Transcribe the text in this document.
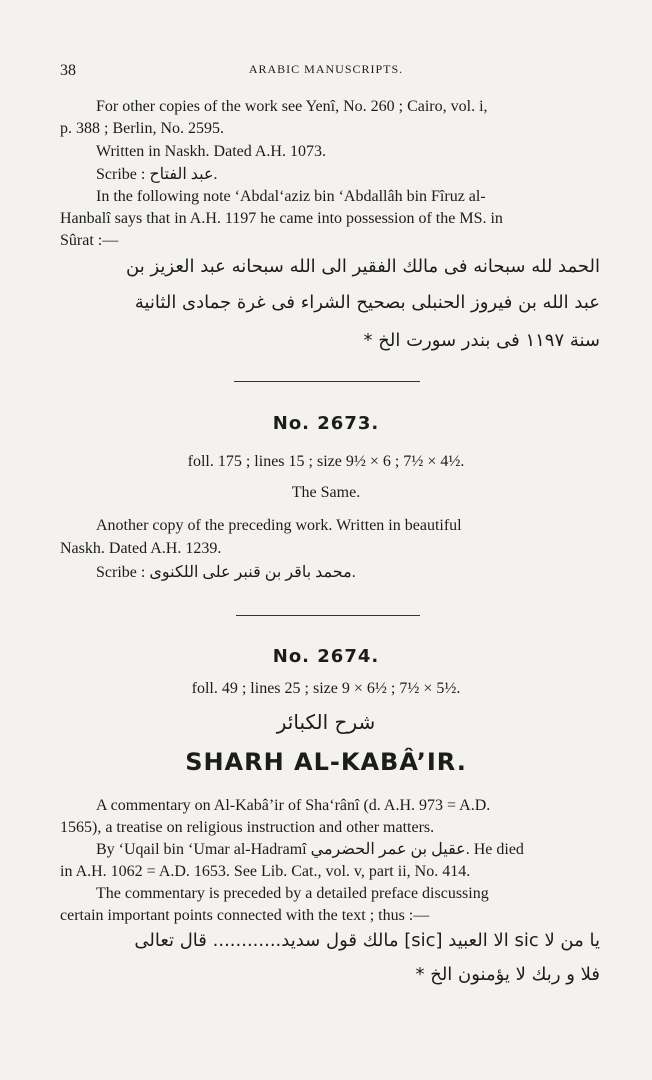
38	ARABIC MANUSCRIPTS.
For other copies of the work see Yenî, No. 260 ; Cairo, vol. i,
p. 388 ; Berlin, No. 2595.
Written in Naskh. Dated A.H. 1073.
Scribe : عبد الفتاح.
In the following note ‘Abdal‘aziz bin ‘Abdallâh bin Fîruz al-
Hanbalî says that in A.H. 1197 he came into possession of the MS. in
Sûrat :—
الحمد لله سبحانه فى مالك الفقير الى الله سبحانه عبد العزيز بن
عبد الله بن فيروز الحنبلى بصحيح الشراء فى غرة جمادى الثانية
سنة ١١٩٧ فى بندر سورت الخ *
No. 2673.
foll. 175 ; lines 15 ; size 9½ × 6 ; 7½ × 4½.
The Same.
Another copy of the preceding work. Written in beautiful
Naskh. Dated A.H. 1239.
Scribe : محمد باقر بن قنبر علی اللکنوی.
No. 2674.
foll. 49 ; lines 25 ; size 9 × 6½ ; 7½ × 5½.
شرح الكبائر
SHARH AL-KABÂ’IR.
A commentary on Al-Kabâ’ir of Sha‘rânî (d. A.H. 973 = A.D.
1565), a treatise on religious instruction and other matters.
By ‘Uqail bin ‘Umar al-Hadramî عقيل بن عمر الحضرمي. He died
in A.H. 1062 = A.D. 1653. See Lib. Cat., vol. v, part ii, No. 414.
The commentary is preceded by a detailed preface discussing
certain important points connected with the text ; thus :—
يا من لا sic الا العبيد [sic] مالك قول سديد............ قال تعالى
فلا و ربك لا يؤمنون الخ *
